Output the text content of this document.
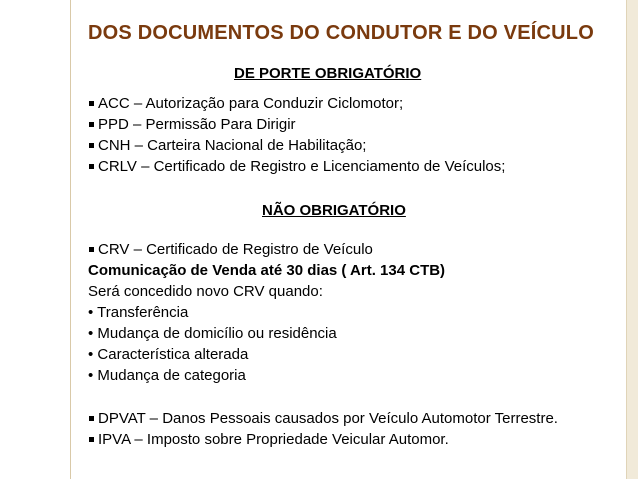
DOS DOCUMENTOS DO CONDUTOR E DO VEÍCULO
DE PORTE OBRIGATÓRIO
ACC – Autorização para Conduzir Ciclomotor;
PPD – Permissão Para Dirigir
CNH – Carteira Nacional de Habilitação;
CRLV – Certificado de Registro e Licenciamento de Veículos;
NÃO OBRIGATÓRIO
CRV – Certificado de Registro de Veículo
Comunicação de Venda até 30 dias ( Art. 134 CTB)
Será concedido novo CRV quando:
• Transferência
• Mudança de domicílio ou residência
• Característica alterada
• Mudança de categoria
DPVAT – Danos Pessoais causados por Veículo Automotor Terrestre.
IPVA – Imposto sobre Propriedade Veicular Automor.
